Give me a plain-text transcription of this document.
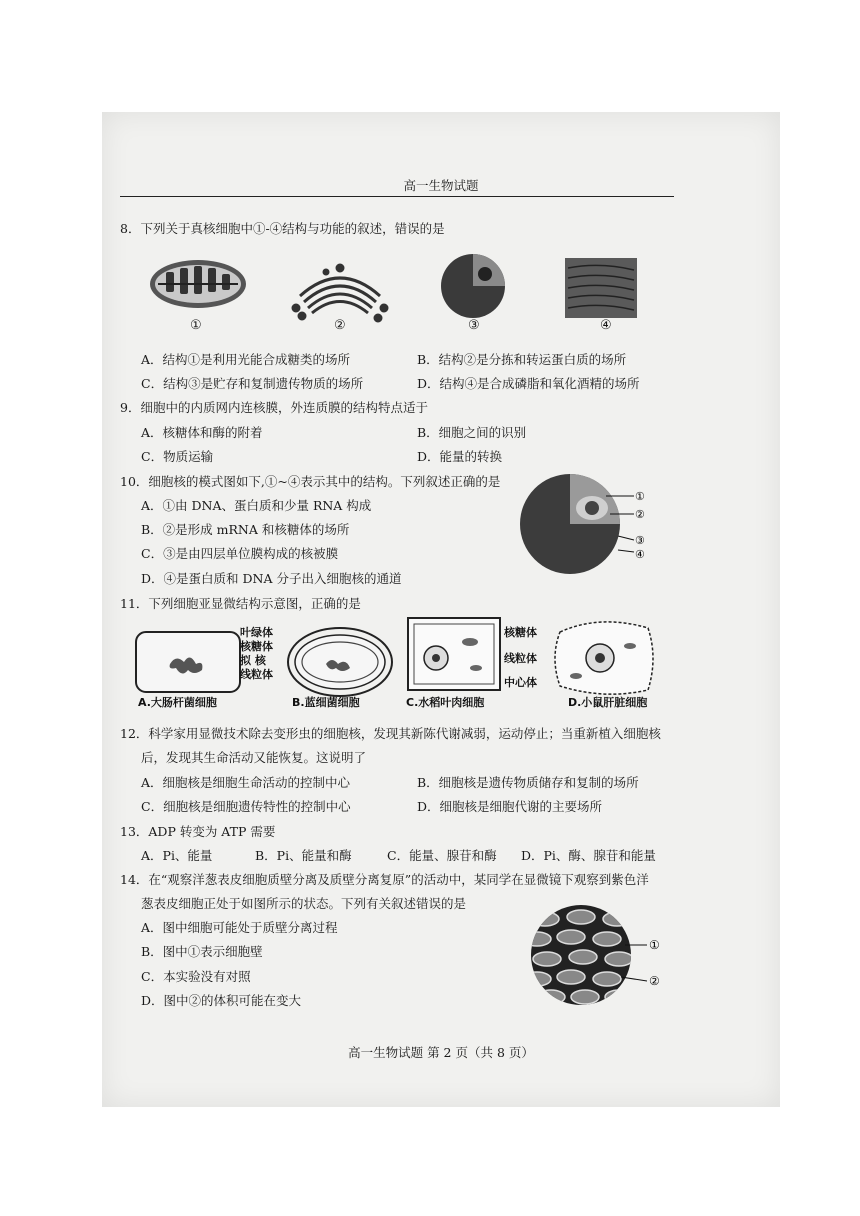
高一生物试题
高一生物试题 第 2 页（共 8 页）
8．下列关于真核细胞中①-④结构与功能的叙述，错误的是
①	②	③	④
A．结构①是利用光能合成糖类的场所	B．结构②是分拣和转运蛋白质的场所
C．结构③是贮存和复制遗传物质的场所	D．结构④是合成磷脂和氧化酒精的场所
9．细胞中的内质网内连核膜，外连质膜的结构特点适于
A．核糖体和酶的附着	B．细胞之间的识别
C．物质运输	D．能量的转换
10．细胞核的模式图如下,①~④表示其中的结构。下列叙述正确的是
A．①由 DNA、蛋白质和少量 RNA 构成
B．②是形成 mRNA 和核糖体的场所
C．③是由四层单位膜构成的核被膜
D．④是蛋白质和 DNA 分子出入细胞核的通道
①
②
③
④
11．下列细胞亚显微结构示意图，正确的是
A.大肠杆菌细胞
叶绿体
核糖体
拟 核
线粒体
B.蓝细菌细胞
核糖体
线粒体
中心体
C.水稻叶肉细胞	D.小鼠肝脏细胞
12．科学家用显微技术除去变形虫的细胞核，发现其新陈代谢减弱，运动停止；当重新植入细胞核
后，发现其生命活动又能恢复。这说明了
A．细胞核是细胞生命活动的控制中心	B．细胞核是遗传物质储存和复制的场所
C．细胞核是细胞遗传特性的控制中心	D．细胞核是细胞代谢的主要场所
13．ADP 转变为 ATP 需要
A．Pi、能量	B．Pi、能量和酶	C．能量、腺苷和酶 D．Pi、酶、腺苷和能量
14．在“观察洋葱表皮细胞质壁分离及质壁分离复原”的活动中，某同学在显微镜下观察到紫色洋
葱表皮细胞正处于如图所示的状态。下列有关叙述错误的是
A．图中细胞可能处于质壁分离过程
B．图中①表示细胞壁
C．本实验没有对照
D．图中②的体积可能在变大
①
②
